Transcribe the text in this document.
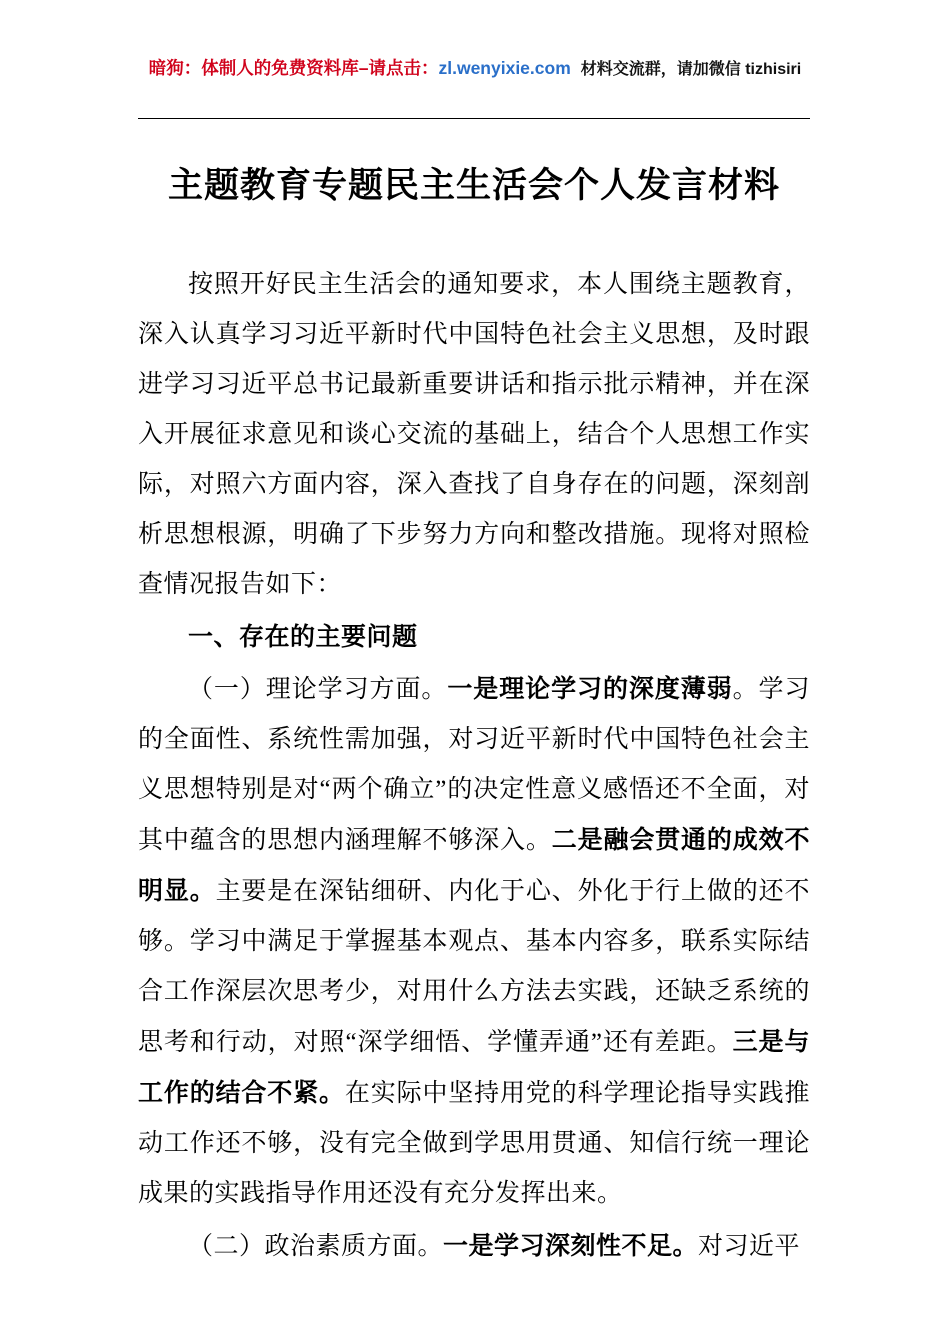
暗狗：体制人的免费资料库–请点击：zl.wenyixie.com 材料交流群，请加微信 tizhisiri
主题教育专题民主生活会个人发言材料

按照开好民主生活会的通知要求，本人围绕主题教育，深入认真学习习近平新时代中国特色社会主义思想，及时跟进学习习近平总书记最新重要讲话和指示批示精神，并在深入开展征求意见和谈心交流的基础上，结合个人思想工作实际，对照六方面内容，深入查找了自身存在的问题，深刻剖析思想根源，明确了下步努力方向和整改措施。现将对照检查情况报告如下：

一、存在的主要问题

（一）理论学习方面。一是理论学习的深度薄弱。学习的全面性、系统性需加强，对习近平新时代中国特色社会主义思想特别是对“两个确立”的决定性意义感悟还不全面，对其中蕴含的思想内涵理解不够深入。二是融会贯通的成效不明显。主要是在深钻细研、内化于心、外化于行上做的还不够。学习中满足于掌握基本观点、基本内容多，联系实际结合工作深层次思考少，对用什么方法去实践，还缺乏系统的思考和行动，对照“深学细悟、学懂弄通”还有差距。三是与工作的结合不紧。在实际中坚持用党的科学理论指导实践推动工作还不够，没有完全做到学思用贯通、知信行统一理论成果的实践指导作用还没有充分发挥出来。

（二）政治素质方面。一是学习深刻性不足。对习近平
